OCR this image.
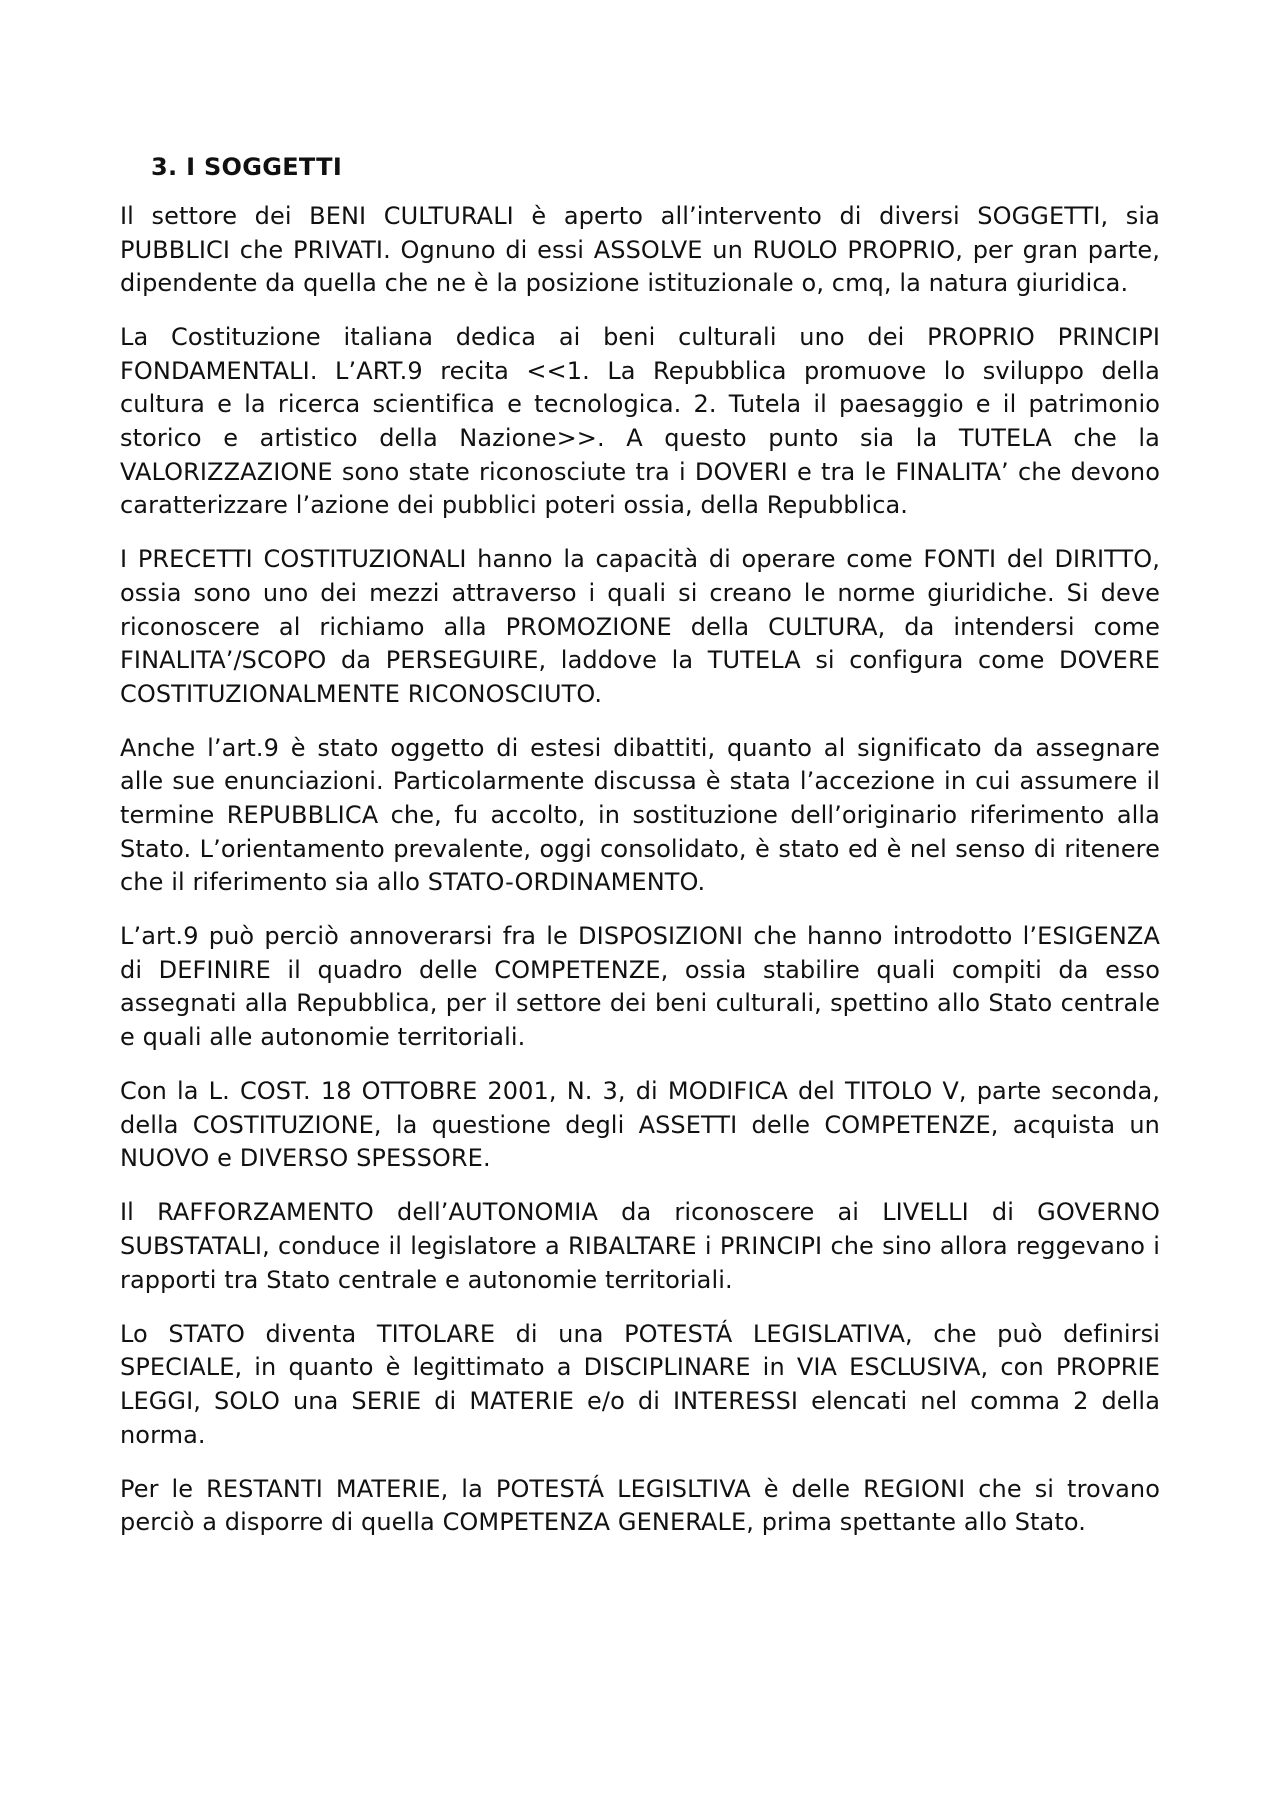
3. I SOGGETTI

Il settore dei BENI CULTURALI è aperto all’intervento di diversi SOGGETTI, sia PUBBLICI che PRIVATI. Ognuno di essi ASSOLVE un RUOLO PROPRIO, per gran parte, dipendente da quella che ne è la posizione istituzionale o, cmq, la natura giuridica.

La Costituzione italiana dedica ai beni culturali uno dei PROPRIO PRINCIPI FONDAMENTALI. L’ART.9 recita <<1. La Repubblica promuove lo sviluppo della cultura e la ricerca scientifica e tecnologica. 2. Tutela il paesaggio e il patrimonio storico e artistico della Nazione>>. A questo punto sia la TUTELA che la VALORIZZAZIONE sono state riconosciute tra i DOVERI e tra le FINALITA’ che devono caratterizzare l’azione dei pubblici poteri ossia, della Repubblica.

I PRECETTI COSTITUZIONALI hanno la capacità di operare come FONTI del DIRITTO, ossia sono uno dei mezzi attraverso i quali si creano le norme giuridiche. Si deve riconoscere al richiamo alla PROMOZIONE della CULTURA, da intendersi come FINALITA’/SCOPO da PERSEGUIRE, laddove la TUTELA si configura come DOVERE COSTITUZIONALMENTE RICONOSCIUTO.

Anche l’art.9 è stato oggetto di estesi dibattiti, quanto al significato da assegnare alle sue enunciazioni. Particolarmente discussa è stata l’accezione in cui assumere il termine REPUBBLICA che, fu accolto, in sostituzione dell’originario riferimento alla Stato. L’orientamento prevalente, oggi consolidato, è stato ed è nel senso di ritenere che il riferimento sia allo STATO-ORDINAMENTO.

L’art.9 può perciò annoverarsi fra le DISPOSIZIONI che hanno introdotto l’ESIGENZA di DEFINIRE il quadro delle COMPETENZE, ossia stabilire quali compiti da esso assegnati alla Repubblica, per il settore dei beni culturali, spettino allo Stato centrale e quali alle autonomie territoriali.

Con la L. COST. 18 OTTOBRE 2001, N. 3, di MODIFICA del TITOLO V, parte seconda, della COSTITUZIONE, la questione degli ASSETTI delle COMPETENZE, acquista un NUOVO e DIVERSO SPESSORE.

Il RAFFORZAMENTO dell’AUTONOMIA da riconoscere ai LIVELLI di GOVERNO SUBSTATALI, conduce il legislatore a RIBALTARE i PRINCIPI che sino allora reggevano i rapporti tra Stato centrale e autonomie territoriali.

Lo STATO diventa TITOLARE di una POTESTÁ LEGISLATIVA, che può definirsi SPECIALE, in quanto è legittimato a DISCIPLINARE in VIA ESCLUSIVA, con PROPRIE LEGGI, SOLO una SERIE di MATERIE e/o di INTERESSI elencati nel comma 2 della norma.

Per le RESTANTI MATERIE, la POTESTÁ LEGISLTIVA è delle REGIONI che si trovano perciò a disporre di quella COMPETENZA GENERALE, prima spettante allo Stato.
